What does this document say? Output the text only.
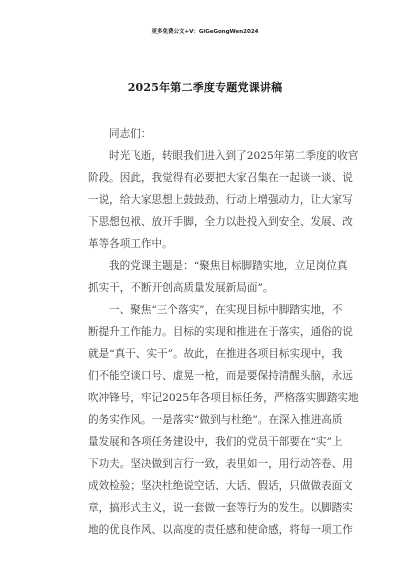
更多免费公文+V：GiGeGongWen2024
2025年第二季度专题党课讲稿
同志们：
时光飞逝，转眼我们进入到了2025年第二季度的收官
阶段。因此，我觉得有必要把大家召集在一起谈一谈、说
一说，给大家思想上鼓鼓劲、行动上增强动力，让大家写
下思想包袱、放开手脚，全力以赴投入到安全、发展、改
革等各项工作中。
我的党课主题是：“聚焦目标脚踏实地，立足岗位真
抓实干，不断开创高质量发展新局面”。
一、聚焦“三个落实”，在实现目标中脚踏实地，不
断提升工作能力。目标的实现和推进在于落实，通俗的说
就是“真干、实干”。故此，在推进各项目标实现中，我
们不能空谈口号、虚晃一枪，而是要保持清醒头脑，永远
吹冲锋号，牢记2025年各项目标任务，严格落实脚踏实地
的务实作风。一是落实“做到与杜绝”。在深入推进高质
量发展和各项任务建设中，我们的党员干部要在“实”上
下功夫。坚决做到言行一致，表里如一，用行动答卷、用
成效检验；坚决杜绝说空话、大话、假话，只做做表面文
章，搞形式主义，说一套做一套等行为的发生。以脚踏实
地的优良作风、以高度的责任感和使命感，将每一项工作
